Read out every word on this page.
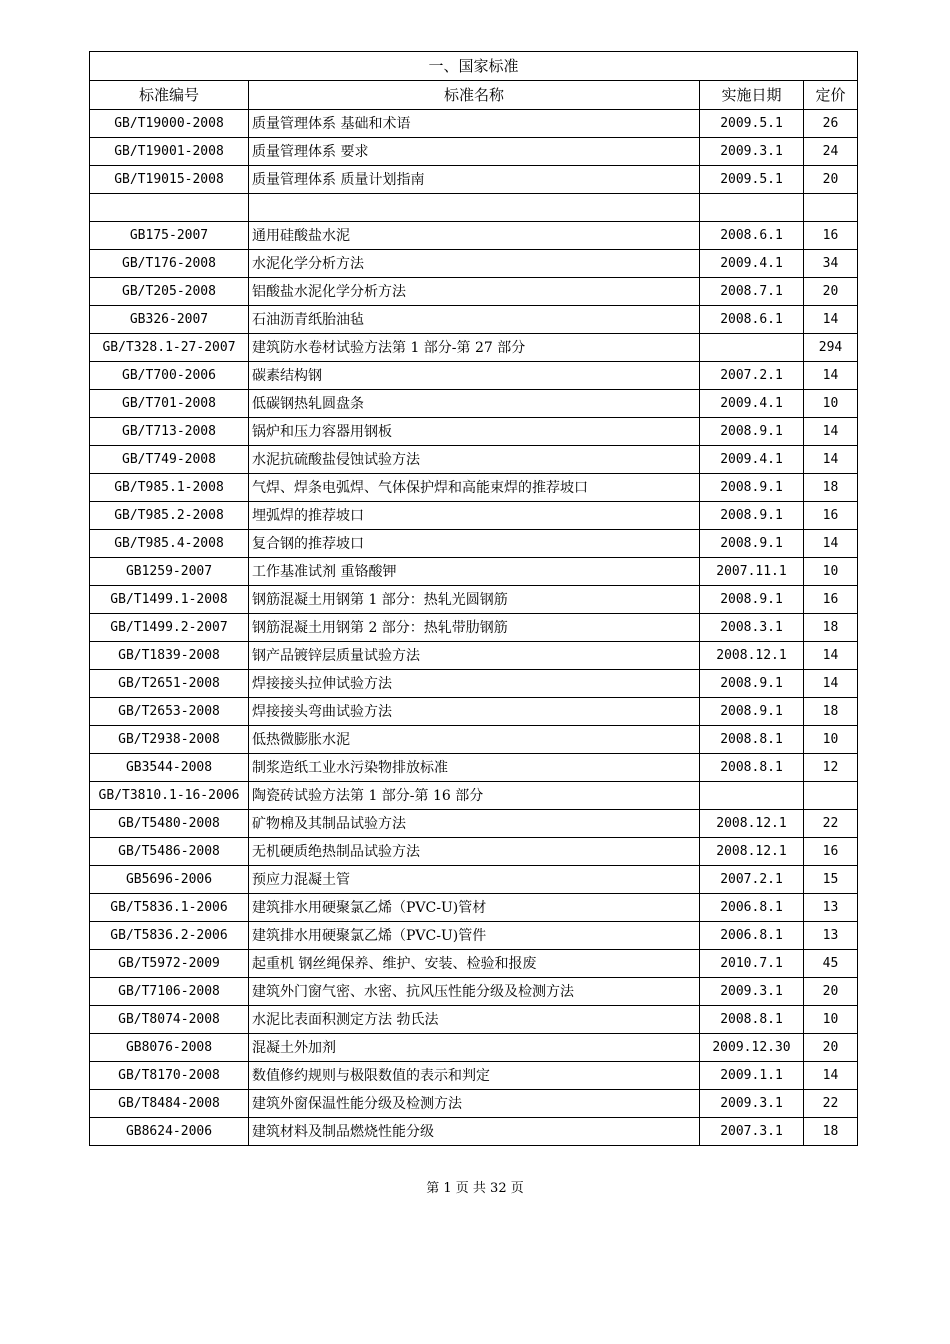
一、国家标准			
标准编号	标准名称	实施日期	定价
GB/T19000-2008	质量管理体系 基础和术语	2009.5.1	26
GB/T19001-2008	质量管理体系 要求	2009.3.1	24
GB/T19015-2008	质量管理体系 质量计划指南	2009.5.1	20

GB175-2007	通用硅酸盐水泥	2008.6.1	16
GB/T176-2008	水泥化学分析方法	2009.4.1	34
GB/T205-2008	铝酸盐水泥化学分析方法	2008.7.1	20
GB326-2007	石油沥青纸胎油毡	2008.6.1	14
GB/T328.1-27-2007	建筑防水卷材试验方法第 1 部分-第 27 部分		294
GB/T700-2006	碳素结构钢	2007.2.1	14
GB/T701-2008	低碳钢热轧圆盘条	2009.4.1	10
GB/T713-2008	锅炉和压力容器用钢板	2008.9.1	14
GB/T749-2008	水泥抗硫酸盐侵蚀试验方法	2009.4.1	14
GB/T985.1-2008	气焊、焊条电弧焊、气体保护焊和高能束焊的推荐坡口	2008.9.1	18
GB/T985.2-2008	埋弧焊的推荐坡口	2008.9.1	16
GB/T985.4-2008	复合钢的推荐坡口	2008.9.1	14
GB1259-2007	工作基准试剂 重铬酸钾	2007.11.1	10
GB/T1499.1-2008	钢筋混凝土用钢第 1 部分：热轧光圆钢筋	2008.9.1	16
GB/T1499.2-2007	钢筋混凝土用钢第 2 部分：热轧带肋钢筋	2008.3.1	18
GB/T1839-2008	钢产品镀锌层质量试验方法	2008.12.1	14
GB/T2651-2008	焊接接头拉伸试验方法	2008.9.1	14
GB/T2653-2008	焊接接头弯曲试验方法	2008.9.1	18
GB/T2938-2008	低热微膨胀水泥	2008.8.1	10
GB3544-2008	制浆造纸工业水污染物排放标准	2008.8.1	12
GB/T3810.1-16-2006	陶瓷砖试验方法第 1 部分-第 16 部分		
GB/T5480-2008	矿物棉及其制品试验方法	2008.12.1	22
GB/T5486-2008	无机硬质绝热制品试验方法	2008.12.1	16
GB5696-2006	预应力混凝土管	2007.2.1	15
GB/T5836.1-2006	建筑排水用硬聚氯乙烯（PVC-U)管材	2006.8.1	13
GB/T5836.2-2006	建筑排水用硬聚氯乙烯（PVC-U)管件	2006.8.1	13
GB/T5972-2009	起重机 钢丝绳保养、维护、安装、检验和报废	2010.7.1	45
GB/T7106-2008	建筑外门窗气密、水密、抗风压性能分级及检测方法	2009.3.1	20
GB/T8074-2008	水泥比表面积测定方法 勃氏法	2008.8.1	10
GB8076-2008	混凝土外加剂	2009.12.30	20
GB/T8170-2008	数值修约规则与极限数值的表示和判定	2009.1.1	14
GB/T8484-2008	建筑外窗保温性能分级及检测方法	2009.3.1	22
GB8624-2006	建筑材料及制品燃烧性能分级	2007.3.1	18
第 1 页 共 32 页
